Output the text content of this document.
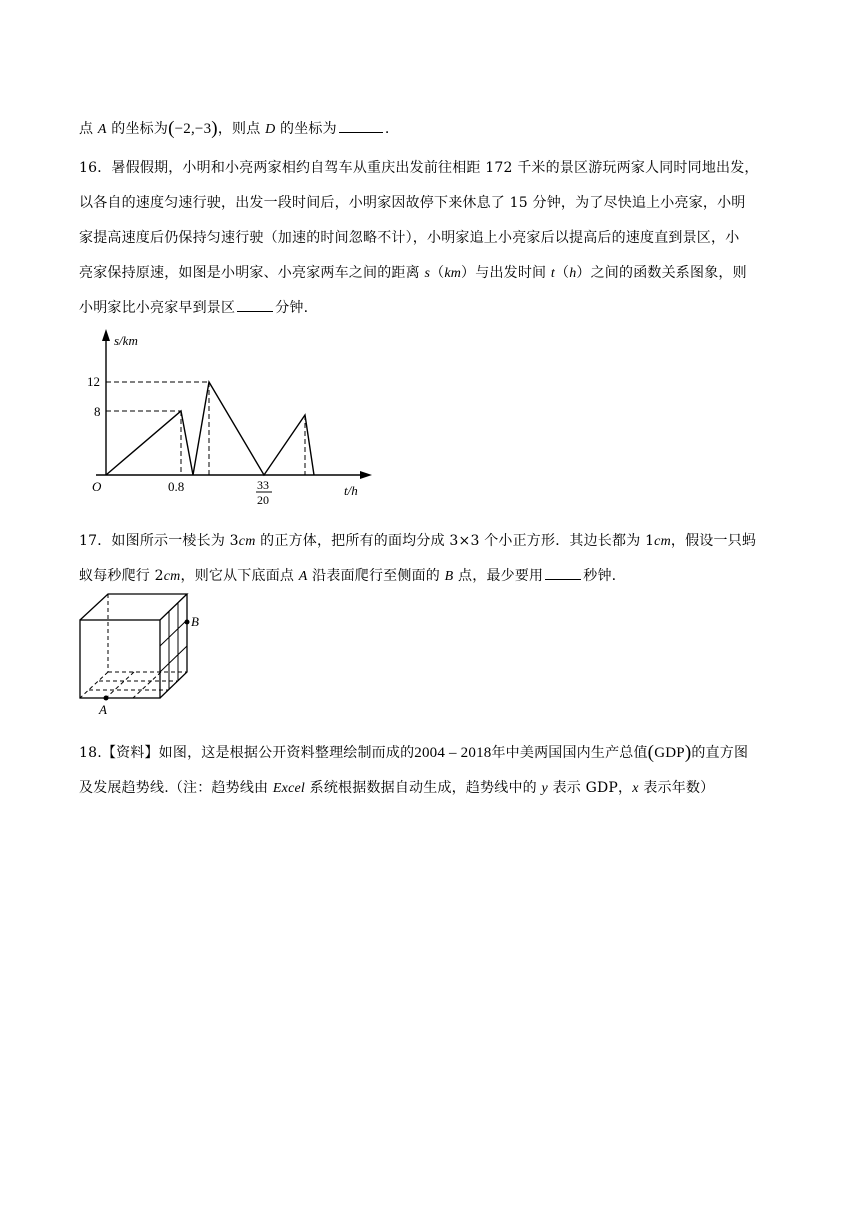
点 A 的坐标为(−2,−3)，则点 D 的坐标为	.
16．暑假假期，小明和小亮两家相约自驾车从重庆出发前往相距 172 千米的景区游玩两家人同时同地出发，
以各自的速度匀速行驶，出发一段时间后，小明家因故停下来休息了 15 分钟，为了尽快追上小亮家，小明
家提高速度后仍保持匀速行驶（加速的时间忽略不计），小明家追上小亮家后以提高后的速度直到景区，小
亮家保持原速，如图是小明家、小亮家两车之间的距离 s（km）与出发时间 t（h）之间的函数关系图象，则
小明家比小亮家早到景区	分钟.
s/km
t/h
O
12
8
0.8	33
20
17．如图所示一棱长为 3cm 的正方体，把所有的面均分成 3×3 个小正方形．其边长都为 1cm，假设一只蚂
蚁每秒爬行 2cm，则它从下底面点 A 沿表面爬行至侧面的 B 点，最少要用	秒钟.
B
A
18.【资料】如图，这是根据公开资料整理绘制而成的2004 – 2018年中美两国国内生产总值(GDP)的直方图
及发展趋势线.（注：趋势线由 Excel 系统根据数据自动生成，趋势线中的 y 表示 GDP，x 表示年数）
